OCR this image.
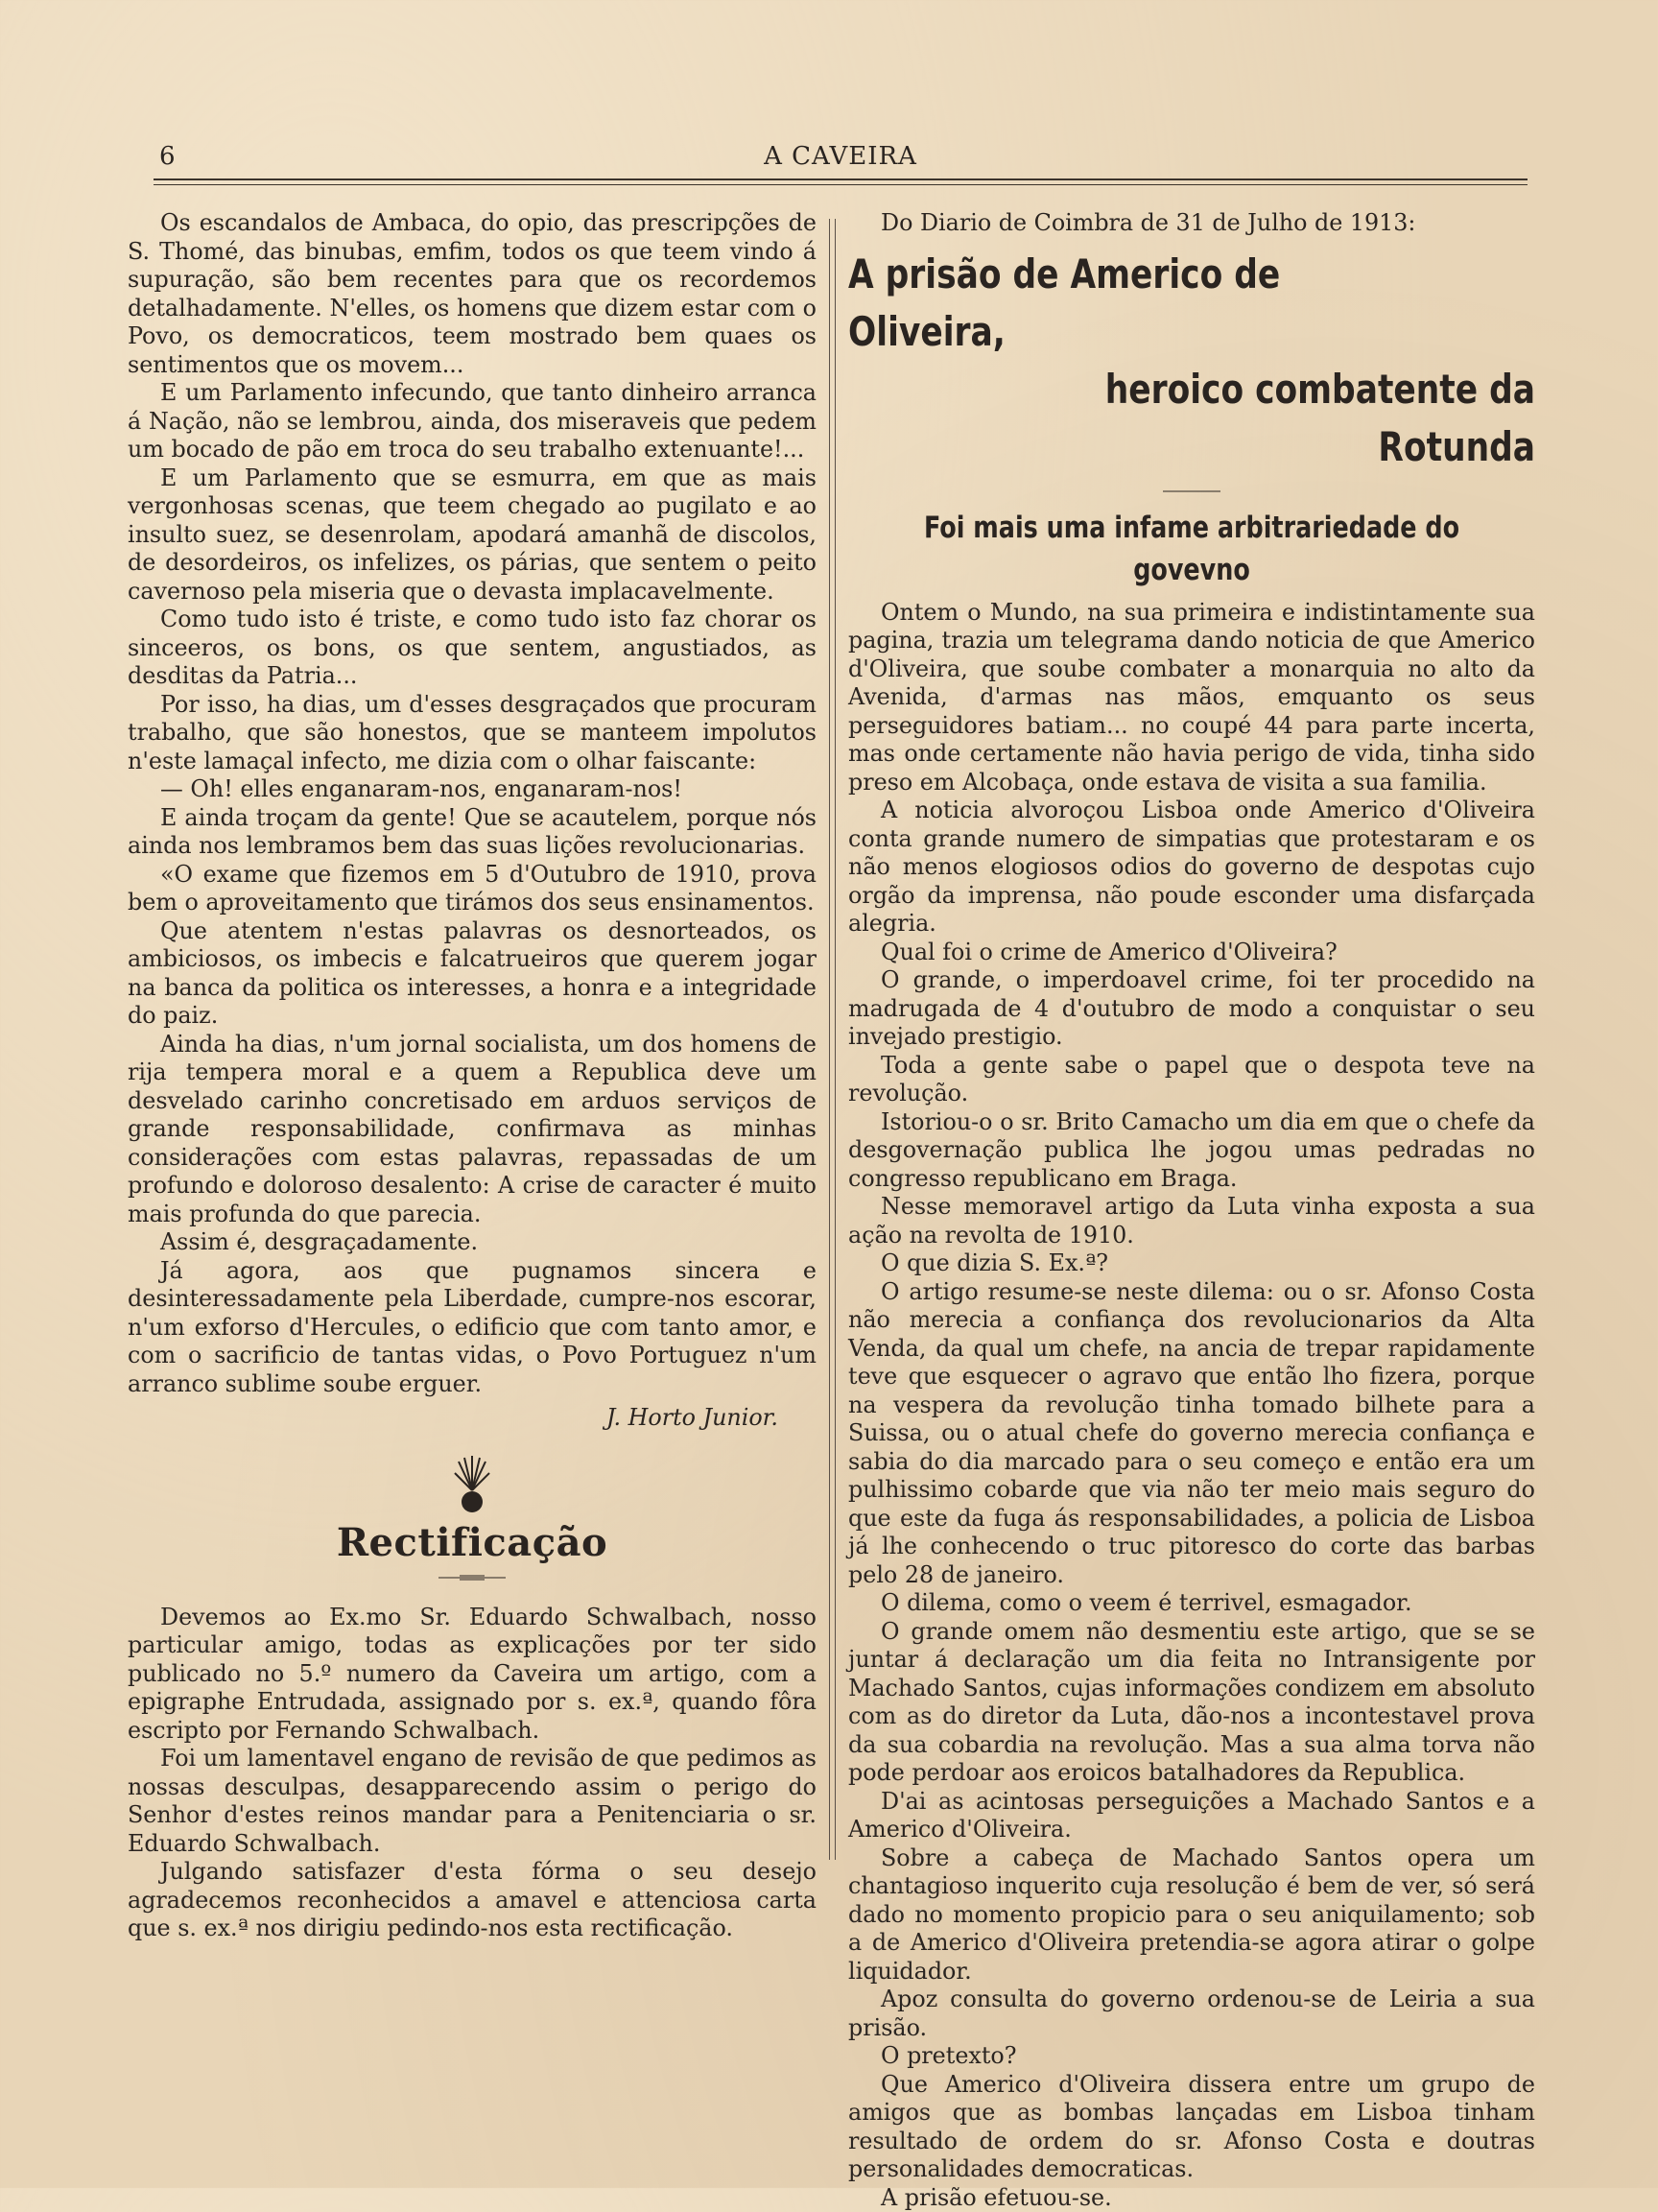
6	A CAVEIRA

Os escandalos de Ambaca, do opio, das prescripções de S. Thomé, das binubas, emfim, todos os que teem vindo á supuração, são bem recentes para que os recordemos detalhadamente. N'elles, os homens que dizem estar com o Povo, os democraticos, teem mostrado bem quaes os sentimentos que os movem...

E um Parlamento infecundo, que tanto dinheiro arranca á Nação, não se lembrou, ainda, dos miseraveis que pedem um bocado de pão em troca do seu trabalho extenuante!...

E um Parlamento que se esmurra, em que as mais vergonhosas scenas, que teem chegado ao pugilato e ao insulto suez, se desenrolam, apodará amanhã de discolos, de desordeiros, os infelizes, os párias, que sentem o peito cavernoso pela miseria que o devasta implacavelmente.

Como tudo isto é triste, e como tudo isto faz chorar os sinceeros, os bons, os que sentem, angustiados, as desditas da Patria...

Por isso, ha dias, um d'esses desgraçados que procuram trabalho, que são honestos, que se manteem impolutos n'este lamaçal infecto, me dizia com o olhar faiscante:

— Oh! elles enganaram-nos, enganaram-nos!

E ainda troçam da gente! Que se acautelem, porque nós ainda nos lembramos bem das suas lições revolucionarias.

«O exame que fizemos em 5 d'Outubro de 1910, prova bem o aproveitamento que tirámos dos seus ensinamentos.

Que atentem n'estas palavras os desnorteados, os ambiciosos, os imbecis e falcatrueiros que querem jogar na banca da politica os interesses, a honra e a integridade do paiz.

Ainda ha dias, n'um jornal socialista, um dos homens de rija tempera moral e a quem a Republica deve um desvelado carinho concretisado em arduos serviços de grande responsabilidade, confirmava as minhas considerações com estas palavras, repassadas de um profundo e doloroso desalento: A crise de caracter é muito mais profunda do que parecia.

Assim é, desgraçadamente.

Já agora, aos que pugnamos sincera e desinteressadamente pela Liberdade, cumpre-nos escorar, n'um exforso d'Hercules, o edificio que com tanto amor, e com o sacrificio de tantas vidas, o Povo Portuguez n'um arranco sublime soube erguer.

J. Horto Junior.
Rectificação

Devemos ao Ex.mo Sr. Eduardo Schwalbach, nosso particular amigo, todas as explicações por ter sido publicado no 5.º numero da Caveira um artigo, com a epigraphe Entrudada, assignado por s. ex.ª, quando fôra escripto por Fernando Schwalbach.

Foi um lamentavel engano de revisão de que pedimos as nossas desculpas, desapparecendo assim o perigo do Senhor d'estes reinos mandar para a Penitenciaria o sr. Eduardo Schwalbach.

Julgando satisfazer d'esta fórma o seu desejo agradecemos reconhecidos a amavel e attenciosa carta que s. ex.ª nos dirigiu pedindo-nos esta rectificação.

Do Diario de Coimbra de 31 de Julho de 1913:

A prisão de Americo de Oliveira,
heroico combatente da Rotunda
Foi mais uma infame arbitrariedade do govevno

Ontem o Mundo, na sua primeira e indistintamente sua pagina, trazia um telegrama dando noticia de que Americo d'Oliveira, que soube combater a monarquia no alto da Avenida, d'armas nas mãos, emquanto os seus perseguidores batiam... no coupé 44 para parte incerta, mas onde certamente não havia perigo de vida, tinha sido preso em Alcobaça, onde estava de visita a sua familia.

A noticia alvoroçou Lisboa onde Americo d'Oliveira conta grande numero de simpatias que protestaram e os não menos elogiosos odios do governo de despotas cujo orgão da imprensa, não poude esconder uma disfarçada alegria.

Qual foi o crime de Americo d'Oliveira?

O grande, o imperdoavel crime, foi ter procedido na madrugada de 4 d'outubro de modo a conquistar o seu invejado prestigio.

Toda a gente sabe o papel que o despota teve na revolução.

Istoriou-o o sr. Brito Camacho um dia em que o chefe da desgovernação publica lhe jogou umas pedradas no congresso republicano em Braga.

Nesse memoravel artigo da Luta vinha exposta a sua ação na revolta de 1910.

O que dizia S. Ex.ª?

O artigo resume-se neste dilema: ou o sr. Afonso Costa não merecia a confiança dos revolucionarios da Alta Venda, da qual um chefe, na ancia de trepar rapidamente teve que esquecer o agravo que então lho fizera, porque na vespera da revolução tinha tomado bilhete para a Suissa, ou o atual chefe do governo merecia confiança e sabia do dia marcado para o seu começo e então era um pulhissimo cobarde que via não ter meio mais seguro do que este da fuga ás responsabilidades, a policia de Lisboa já lhe conhecendo o truc pitoresco do corte das barbas pelo 28 de janeiro.

O dilema, como o veem é terrivel, esmagador.

O grande omem não desmentiu este artigo, que se se juntar á declaração um dia feita no Intransigente por Machado Santos, cujas informações condizem em absoluto com as do diretor da Luta, dão-nos a incontestavel prova da sua cobardia na revolução. Mas a sua alma torva não pode perdoar aos eroicos batalhadores da Republica.

D'ai as acintosas perseguições a Machado Santos e a Americo d'Oliveira.

Sobre a cabeça de Machado Santos opera um chantagioso inquerito cuja resolução é bem de ver, só será dado no momento propicio para o seu aniquilamento; sob a de Americo d'Oliveira pretendia-se agora atirar o golpe liquidador.

Apoz consulta do governo ordenou-se de Leiria a sua prisão.

O pretexto?

Que Americo d'Oliveira dissera entre um grupo de amigos que as bombas lançadas em Lisboa tinham resultado de ordem do sr. Afonso Costa e doutras personalidades democraticas.

A prisão efetuou-se.
